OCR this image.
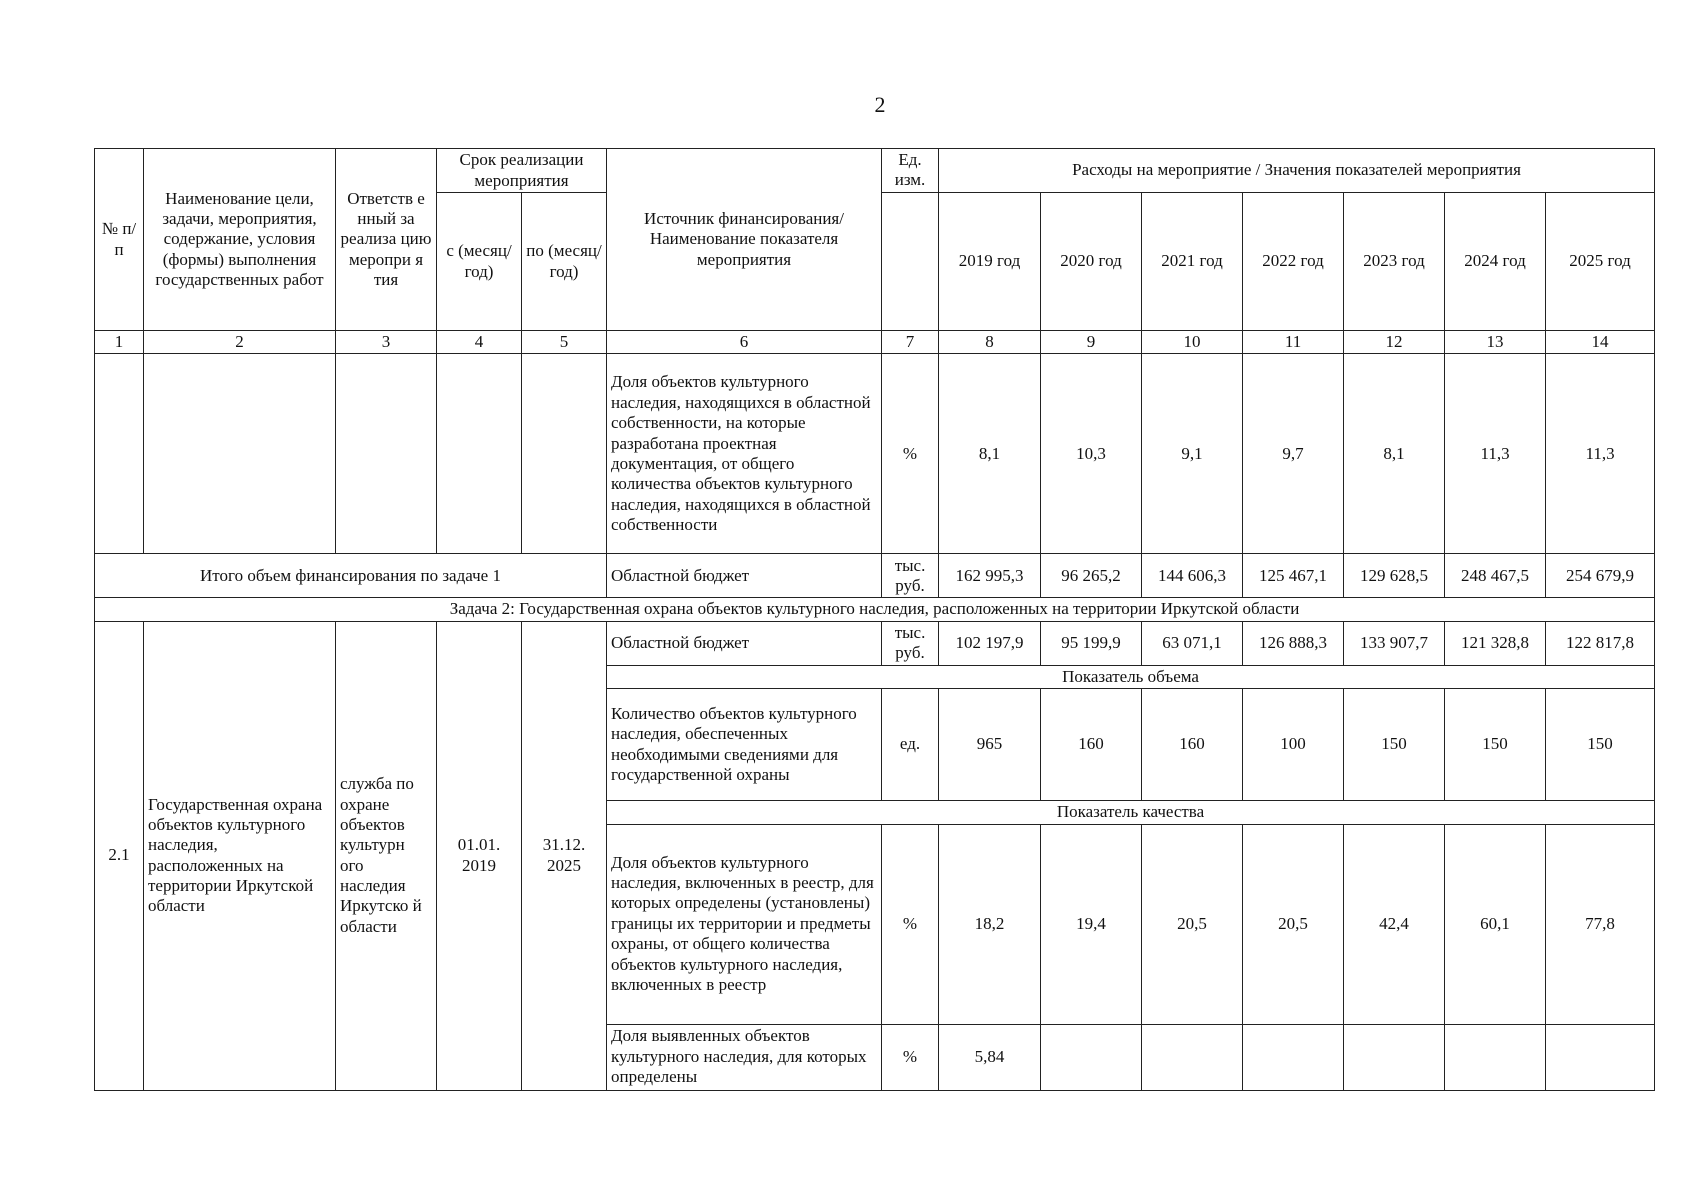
2
№ п/п	Наименование цели, задачи, мероприятия, содержание, условия (формы) выполнения государственных работ	Ответств е нный за реализа цию меропри я тия	Срок реализации мероприятия		Источник финансирования/ Наименование показателя мероприятия	Ед. изм.	Расходы на мероприятие / Значения показателей мероприятия						
			с (месяц/ год)	по (месяц/ год)			2019 год	2020 год	2021 год	2022 год	2023 год	2024 год	2025 год
1	2	3	4	5	6	7	8	9	10	11	12	13	14
					Доля объектов культурного наследия, находящихся в областной собственности, на которые разработана проектная документация, от общего количества объектов культурного наследия, находящихся в областной собственности	%	8,1	10,3	9,1	9,7	8,1	11,3	11,3
Итого объем финансирования по задаче 1					Областной бюджет	тыс. руб.	162 995,3	96 265,2	144 606,3	125 467,1	129 628,5	248 467,5	254 679,9
Задача 2: Государственная охрана объектов культурного наследия, расположенных на территории Иркутской области													
2.1	Государственная охрана объектов культурного наследия, расположенных на территории Иркутской области	служба по охране объектов культурн ого наследия Иркутско й области	01.01. 2019	31.12. 2025	Областной бюджет	тыс. руб.	102 197,9	95 199,9	63 071,1	126 888,3	133 907,7	121 328,8	122 817,8
					Показатель объема								
					Количество объектов культурного наследия, обеспеченных необходимыми сведениями для государственной охраны	ед.	965	160	160	100	150	150	150
					Показатель качества								
					Доля объектов культурного наследия, включенных в реестр, для которых определены (установлены) границы их территории и предметы охраны, от общего количества объектов культурного наследия, включенных в реестр	%	18,2	19,4	20,5	20,5	42,4	60,1	77,8
					Доля выявленных объектов культурного наследия, для которых определены	%	5,84						
